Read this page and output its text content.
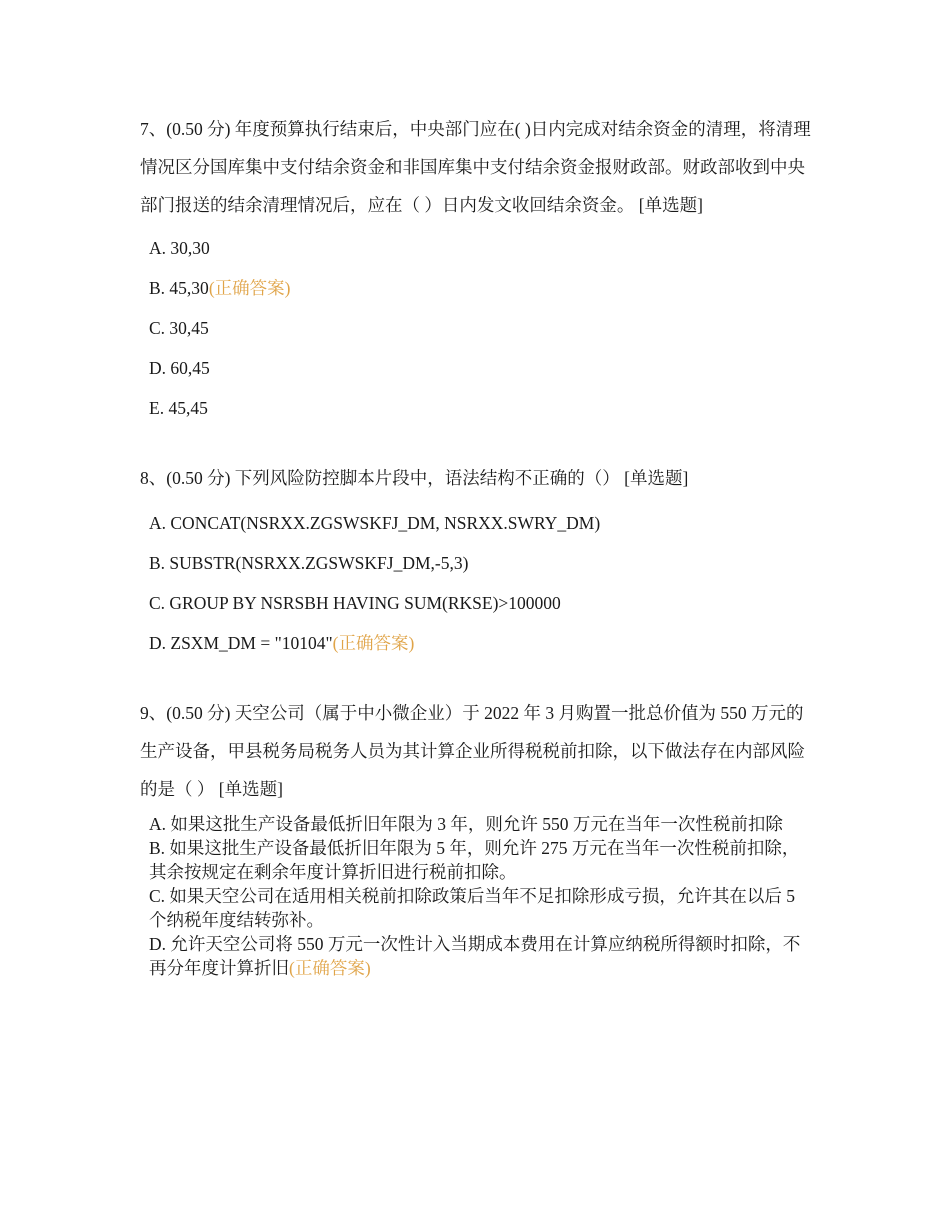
7、(0.50 分) 年度预算执行结束后，中央部门应在( )日内完成对结余资金的清理，将清理情况区分国库集中支付结余资金和非国库集中支付结余资金报财政部。财政部收到中央部门报送的结余清理情况后，应在（ ）日内发文收回结余资金。 [单选题]

A. 30,30

B. 45,30(正确答案)

C. 30,45

D. 60,45

E. 45,45

8、(0.50 分) 下列风险防控脚本片段中，语法结构不正确的（） [单选题]

A. CONCAT(NSRXX.ZGSWSKFJ_DM, NSRXX.SWRY_DM)

B. SUBSTR(NSRXX.ZGSWSKFJ_DM,-5,3)

C. GROUP BY NSRSBH HAVING SUM(RKSE)>100000

D. ZSXM_DM = "10104"(正确答案)

9、(0.50 分) 天空公司（属于中小微企业）于 2022 年 3 月购置一批总价值为 550 万元的生产设备，甲县税务局税务人员为其计算企业所得税税前扣除，以下做法存在内部风险的是（ ） [单选题]

A. 如果这批生产设备最低折旧年限为 3 年，则允许 550 万元在当年一次性税前扣除

B. 如果这批生产设备最低折旧年限为 5 年，则允许 275 万元在当年一次性税前扣除，其余按规定在剩余年度计算折旧进行税前扣除。

C. 如果天空公司在适用相关税前扣除政策后当年不足扣除形成亏损，允许其在以后 5 个纳税年度结转弥补。

D. 允许天空公司将 550 万元一次性计入当期成本费用在计算应纳税所得额时扣除，不再分年度计算折旧(正确答案)
